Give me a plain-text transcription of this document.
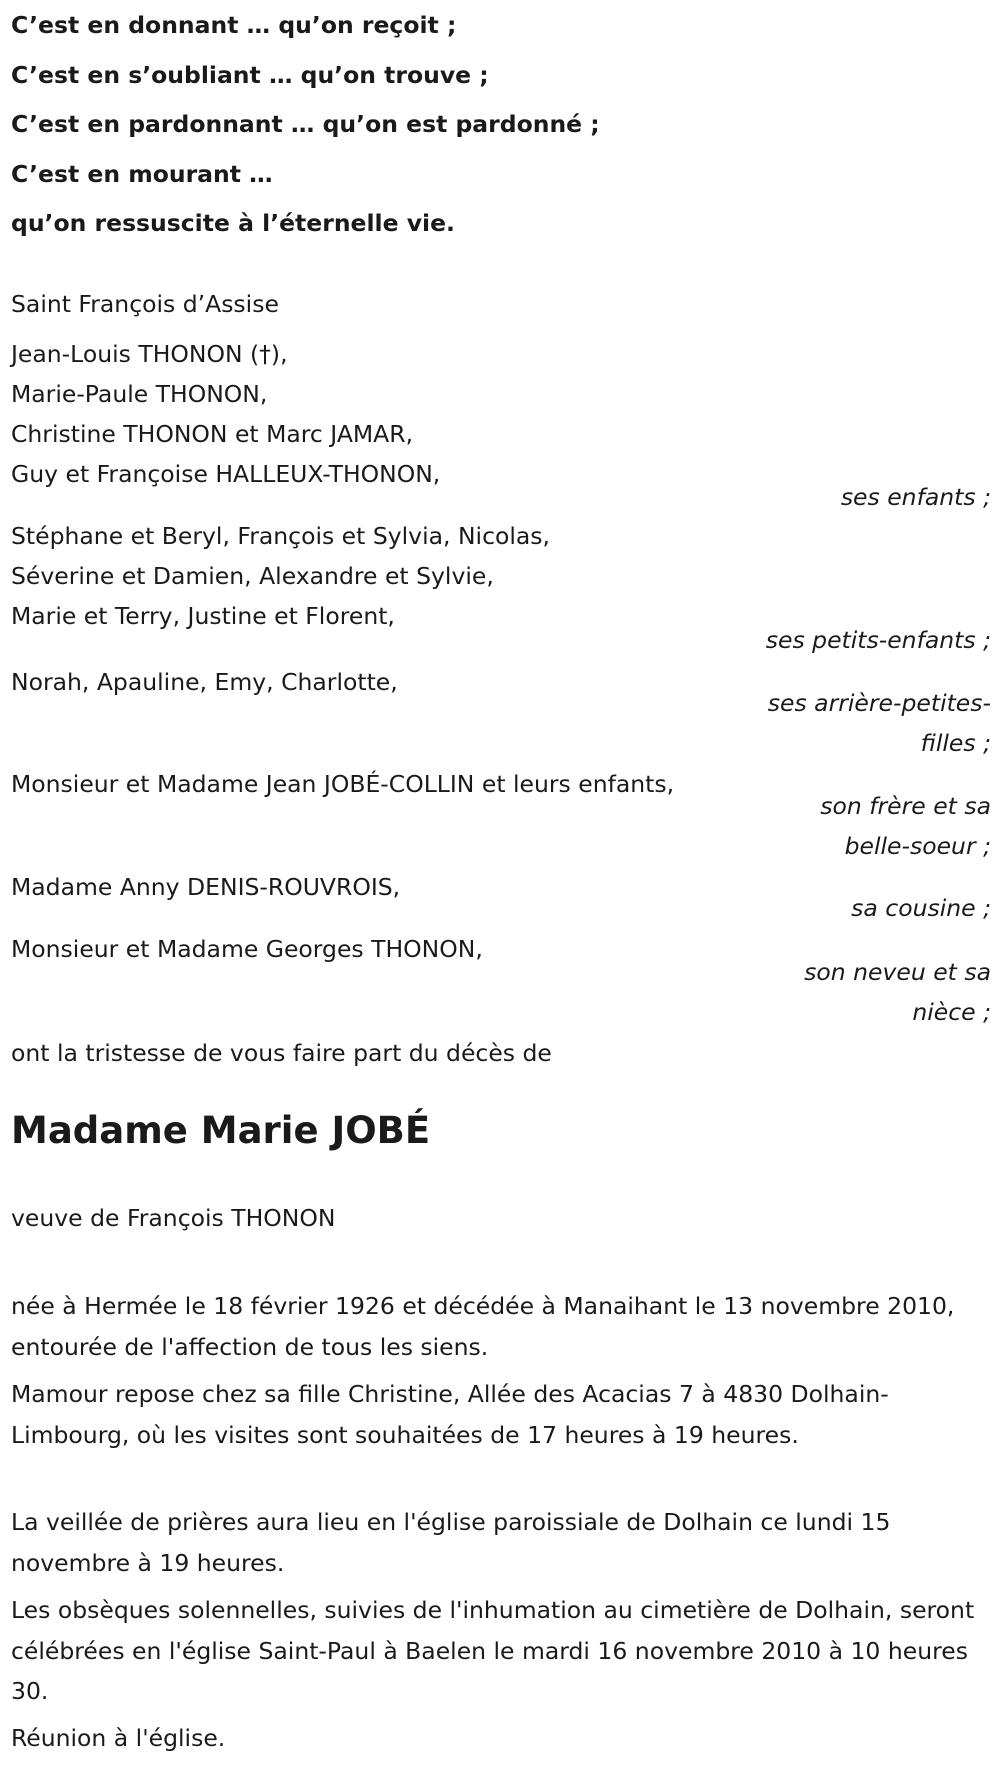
C’est en donnant … qu’on reçoit ;
C’est en s’oubliant … qu’on trouve ;
C’est en pardonnant … qu’on est pardonné ;
C’est en mourant …
qu’on ressuscite à l’éternelle vie.
Saint François d’Assise
Jean-Louis THONON (†),
Marie-Paule THONON,
Christine THONON et Marc JAMAR,
Guy et Françoise HALLEUX-THONON,
ses enfants ;
Stéphane et Beryl, François et Sylvia, Nicolas,
Séverine et Damien, Alexandre et Sylvie,
Marie et Terry, Justine et Florent,
ses petits-enfants ;
Norah, Apauline, Emy, Charlotte,
ses arrière-petites-
filles ;
Monsieur et Madame Jean JOBÉ-COLLIN et leurs enfants,
son frère et sa
belle-soeur ;
Madame Anny DENIS-ROUVROIS,
sa cousine ;
Monsieur et Madame Georges THONON,
son neveu et sa
nièce ;
ont la tristesse de vous faire part du décès de
Madame Marie JOBÉ
veuve de François THONON
née à Hermée le 18 février 1926 et décédée à Manaihant le 13 novembre 2010, entourée de l'affection de tous les siens.
Mamour repose chez sa fille Christine, Allée des Acacias 7 à 4830 Dolhain-Limbourg, où les visites sont souhaitées de 17 heures à 19 heures.
La veillée de prières aura lieu en l'église paroissiale de Dolhain ce lundi 15 novembre à 19 heures.
Les obsèques solennelles, suivies de l'inhumation au cimetière de Dolhain, seront célébrées en l'église Saint-Paul à Baelen le mardi 16 novembre 2010 à 10 heures 30.
Réunion à l'église.
